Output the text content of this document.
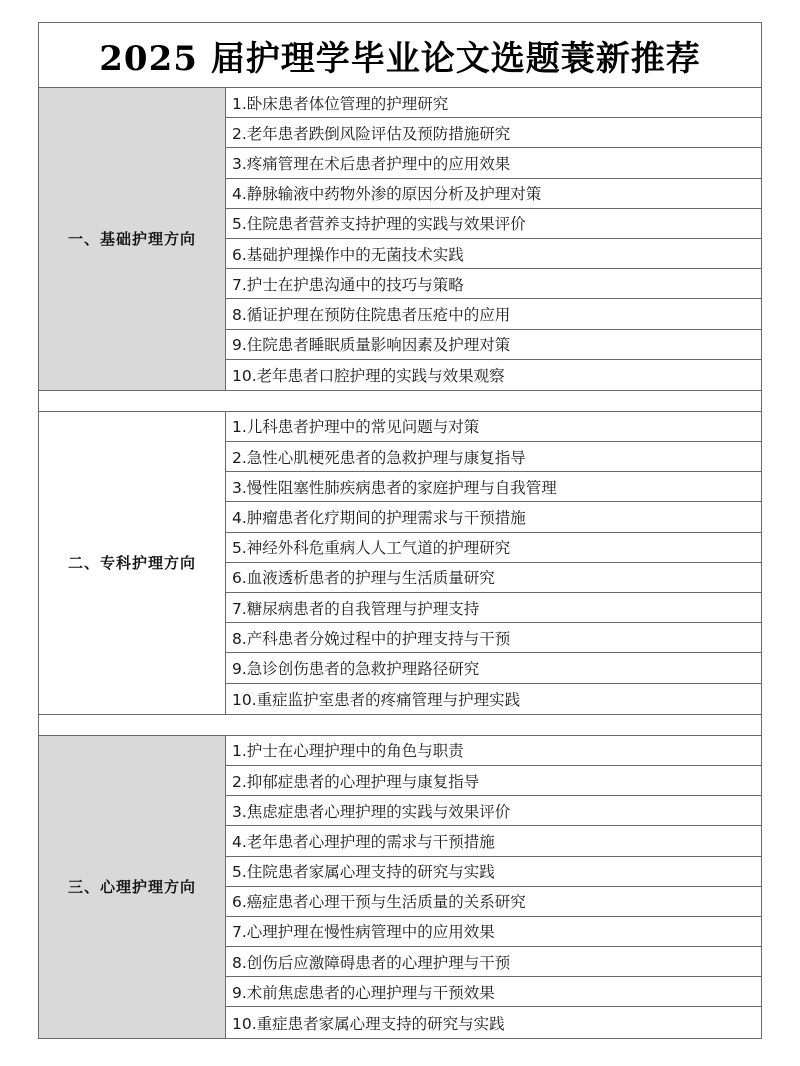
2025 届护理学毕业论文选题蓑新推荐
一、基础护理方向
1.卧床患者体位管理的护理研究
2.老年患者跌倒风险评估及预防措施研究
3.疼痛管理在术后患者护理中的应用效果
4.静脉输液中药物外渗的原因分析及护理对策
5.住院患者营养支持护理的实践与效果评价
6.基础护理操作中的无菌技术实践
7.护士在护患沟通中的技巧与策略
8.循证护理在预防住院患者压疮中的应用
9.住院患者睡眠质量影响因素及护理对策
10.老年患者口腔护理的实践与效果观察
二、专科护理方向
1.儿科患者护理中的常见问题与对策
2.急性心肌梗死患者的急救护理与康复指导
3.慢性阻塞性肺疾病患者的家庭护理与自我管理
4.肿瘤患者化疗期间的护理需求与干预措施
5.神经外科危重病人人工气道的护理研究
6.血液透析患者的护理与生活质量研究
7.糖尿病患者的自我管理与护理支持
8.产科患者分娩过程中的护理支持与干预
9.急诊创伤患者的急救护理路径研究
10.重症监护室患者的疼痛管理与护理实践
三、心理护理方向
1.护士在心理护理中的角色与职责
2.抑郁症患者的心理护理与康复指导
3.焦虑症患者心理护理的实践与效果评价
4.老年患者心理护理的需求与干预措施
5.住院患者家属心理支持的研究与实践
6.癌症患者心理干预与生活质量的关系研究
7.心理护理在慢性病管理中的应用效果
8.创伤后应激障碍患者的心理护理与干预
9.术前焦虑患者的心理护理与干预效果
10.重症患者家属心理支持的研究与实践
